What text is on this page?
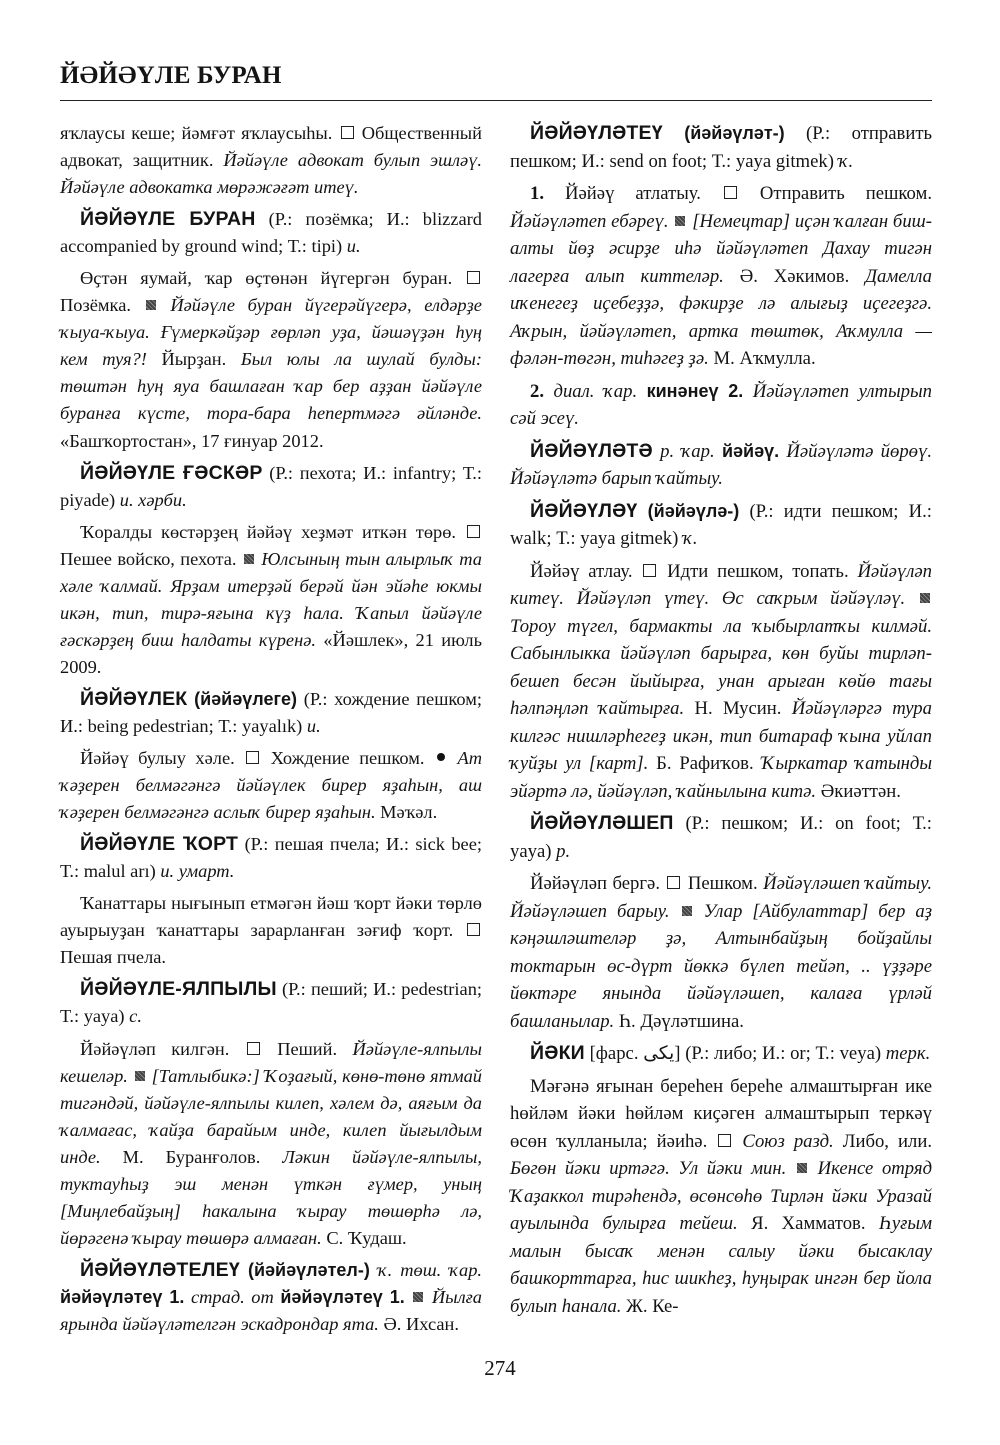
ЙӘЙӘҮЛЕ БУРАН

яҡлаусы кеше; йәмғәт яҡлаусыһы. Общественный адвокат, защитник. Йәйәүле адвокат булып эшләү. Йәйәүле адвокатка мөрәжәғәт итеү.

ЙӘЙӘҮЛЕ БУРАН (Р.: позёмка; И.: blizzard accompanied by ground wind; Т.: tipi) и.

Өҫтән яумай, ҡар өҫтөнән йүгергән буран.  Позёмка. Йәйәүле буран йүгерәйүгерә, елдәрҙе ҡыуа-ҡыуа. Ғүмеркәйҙәр ғөрләп уҙа, йәшәүҙән һуң кем туя?! Йырҙан. Был юлы ла шулай булды: төштән һуң яуа башлаған ҡар бер аҙҙан йәйәүле буранға күсте, тора-бара һепертмәгә әйләнде. «Башҡортостан», 17 ғинуар 2012.

ЙӘЙӘҮЛЕ ҒӘСКӘР (Р.: пехота; И.: infantry; Т.: piyade) и. хәрби.

Ҡоралды көстәрҙең йәйәү хеҙмәт иткән төрө.  Пешее войско, пехота. Юлсының тын алырлыҡ та хәле ҡалмай. Ярҙам итерҙәй берәй йән эйәһе юкмы икән, тип, тирә-яғына күҙ һала. Ҡапыл йәйәүле ғәскәрҙең биш һалдаты күренә. «Йәшлек», 21 июль 2009.

ЙӘЙӘҮЛЕК (йәйәүлеге) (Р.: хождение пешком; И.: being pedestrian; Т.: yayalık) и.

Йәйәү булыу хәле. Хождение пешком. Ат ҡәҙерен белмәгәнгә йәйәүлек бирер яҙаһын, аш ҡәҙерен белмәгәнгә аслыҡ бирер яҙаһын. Мәҡәл.

ЙӘЙӘҮЛЕ ҠОРТ (Р.: пешая пчела; И.: sick bee; Т.: malul arı) и. умарт.

Ҡанаттары нығынып етмәгән йәш ҡорт йәки төрлө ауырыуҙан ҡанаттары зарарланған зәғиф ҡорт.  Пешая пчела.

ЙӘЙӘҮЛЕ-ЯЛПЫЛЫ (Р.: пеший; И.: pedestrian; Т.: yaya) с.

Йәйәүләп килгән.	Пеший. Йәйәүле-ялпылы кешеләр. [Татлыбикә:] Ҡоҙағый, көнө-төнө ятмай тигәндәй, йәйәүле-ялпылы килеп, хәлем дә, аяғым да ҡалмағас, ҡайҙа барайым инде, килеп йығылдым инде. М. Буранғолов. Ләкин йәйәүле-ялпылы, туктауһыҙ эш менән үткән ғүмер, уның [Миңлебайҙың] һакалына ҡырау төшөрһә лә, йөрәгенә ҡырау төшөрә алмаған. С. Ҡудаш.

ЙӘЙӘҮЛӘТЕЛЕҮ (йәйәүләтел-) ҡ. төш. ҡар. йәйәүләтеү 1. страд. от йәйәүләтеү 1. Йылға ярында йәйәүләтелгән эскадрондар ята. Ә. Ихсан.

ЙӘЙӘҮЛӘТЕҮ (йәйәүләт-) (Р.: отправить пешком; И.: send on foot; Т.: yaya gitmek) ҡ.

1. Йәйәү атлатыу.	Отправить пешком. Йәйәүләтеп ебәреү. [Немецтар] иҫән ҡалған биш-алты йөҙ әсирҙе иһә йәйәүләтеп Дахау тигән лагерға алып киттеләр. Ә. Хәкимов. Дамелла иҡенегеҙ иҫебеҙҙә, фәкирҙе лә алығыҙ иҫегеҙгә. Аҡрын, йәйәүләтеп, артка төштөк, Аҡмулла — фәлән-төгән, тиһәгеҙ ҙә. М. Аҡмулла.

2. диал. ҡар. кинәнеү 2. Йәйәүләтеп ултырып сәй эсеү.

ЙӘЙӘҮЛӘТӘ р. ҡар. йәйәү. Йәйәүләтә йөрөү. Йәйәүләтә барып ҡайтыу.

ЙӘЙӘҮЛӘҮ (йәйәүлә-) (Р.: идти пешком; И.: walk; Т.: yaya gitmek) ҡ.

Йәйәү атлау. Идти пешком, топать. Йәйәүләп китеү. Йәйәүләп үтеү. Өс саҡрым йәйәүләү.  Тороу түгел, бармакты ла ҡыбырлатҡы килмәй. Сабынлыкка йәйәүләп барырға, көн буйы тирләп-бешеп бесән йыйырға, унан арыған көйө тағы һәлпәңләп ҡайтырға. Н. Мусин. Йәйәүләргә тура килгәс нишләрһегеҙ икән, тип битараф ҡына уйлап ҡуйҙы ул [карт]. Б. Рафиҡов. Ҡыркатар ҡатынды эйәртә лә, йәйәүләп, ҡайнылына китә. Әкиәттән.

ЙӘЙӘҮЛӘШЕП (Р.: пешком; И.: on foot; Т.: yaya) р.

Йәйәүләп бергә. Пешком. Йәйәүләшеп ҡайтыу. Йәйәүләшеп барыу. Улар [Айбулаттар] бер аҙ кәңәшләштеләр ҙә, Алтынбайҙың бойҙайлы токтарын өс-дүрт йөккә бүлеп тейәп, .. үҙҙәре йөктәре янында йәйәүләшеп, калаға үрләй башланылар. Һ. Дәүләтшина.

ЙӘКИ [фарс. یکی] (Р.: либо; И.: or; Т.: veya) терк.

Мәғәнә яғынан береһен береһе алмаштырған ике һөйләм йәки һөйләм киҫәген алмаштырып теркәү өсөн ҡулланыла; йәиһә. Союз разд. Либо, или. Бөгөн йәки иртәгә. Ул йәки мин. Икенсе отряд Ҡаҙаккол тирәһендә, өсөнсөһө Тирлән йәки Уразай ауылында булырға тейеш. Я. Хамматов. Һуғым малын бысаҡ менән салыу йәки бысаклау башкорттарға, һис шикһеҙ, һуңырак ингән бер йола булып һанала. Ж. Ке-

274
